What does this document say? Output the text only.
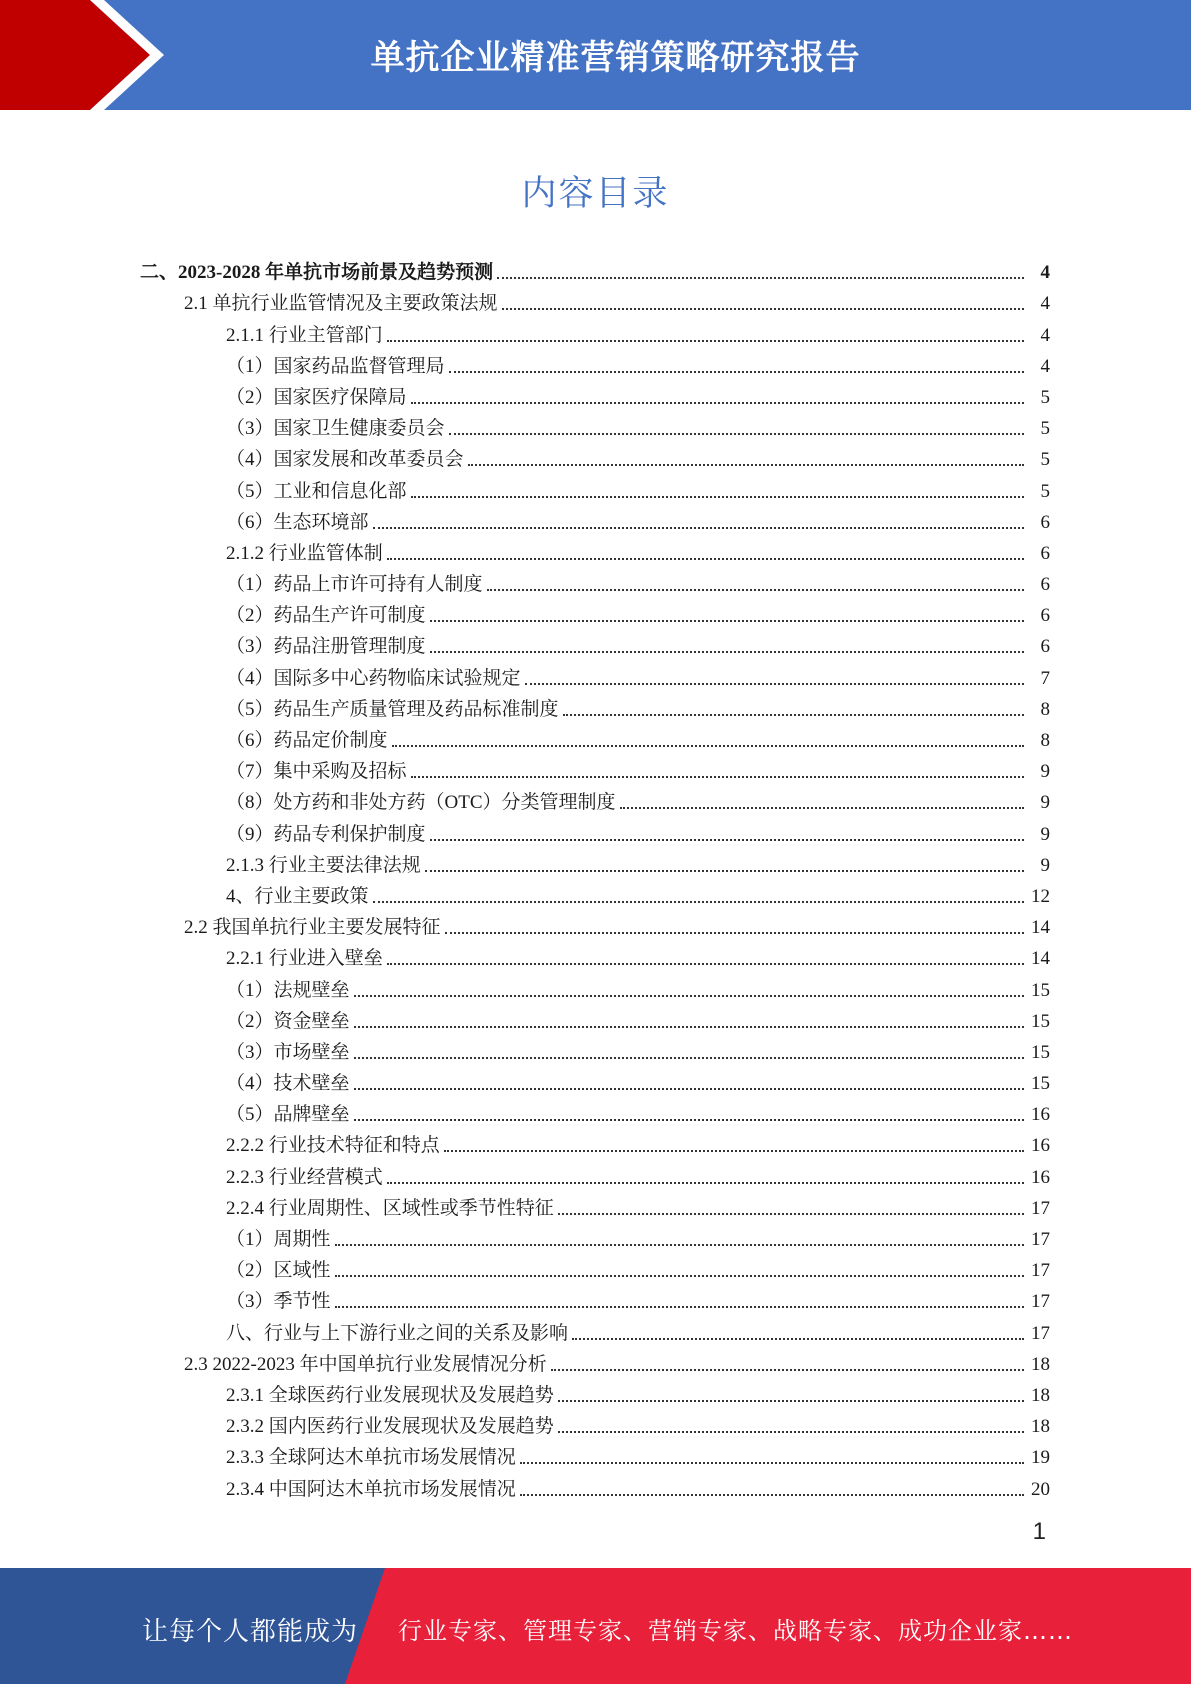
单抗企业精准营销策略研究报告
内容目录
二、2023-2028 年单抗市场前景及趋势预测	4
2.1 单抗行业监管情况及主要政策法规	4
2.1.1 行业主管部门	4
（1）国家药品监督管理局	4
（2）国家医疗保障局	5
（3）国家卫生健康委员会	5
（4）国家发展和改革委员会	5
（5）工业和信息化部	5
（6）生态环境部	6
2.1.2 行业监管体制	6
（1）药品上市许可持有人制度	6
（2）药品生产许可制度	6
（3）药品注册管理制度	6
（4）国际多中心药物临床试验规定	7
（5）药品生产质量管理及药品标准制度	8
（6）药品定价制度	8
（7）集中采购及招标	9
（8）处方药和非处方药（OTC）分类管理制度	9
（9）药品专利保护制度	9
2.1.3 行业主要法律法规	9
4、行业主要政策	12
2.2 我国单抗行业主要发展特征	14
2.2.1 行业进入壁垒	14
（1）法规壁垒	15
（2）资金壁垒	15
（3）市场壁垒	15
（4）技术壁垒	15
（5）品牌壁垒	16
2.2.2 行业技术特征和特点	16
2.2.3 行业经营模式	16
2.2.4 行业周期性、区域性或季节性特征	17
（1）周期性	17
（2）区域性	17
（3）季节性	17
八、行业与上下游行业之间的关系及影响	17
2.3 2022-2023 年中国单抗行业发展情况分析	18
2.3.1 全球医药行业发展现状及发展趋势	18
2.3.2 国内医药行业发展现状及发展趋势	18
2.3.3 全球阿达木单抗市场发展情况	19
2.3.4 中国阿达木单抗市场发展情况	20
1
让每个人都能成为 行业专家、管理专家、营销专家、战略专家、成功企业家……
